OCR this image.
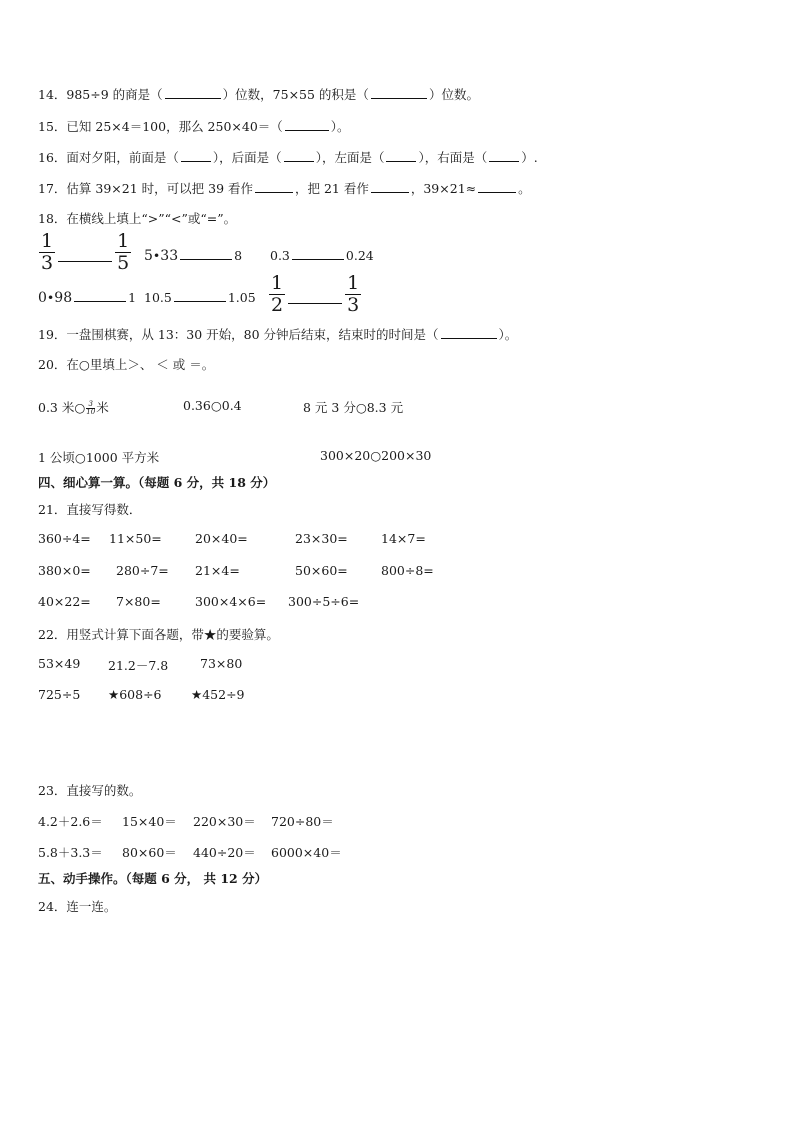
14．985÷9 的商是（	）位数，75×55 的积是（	）位数。
15．已知 25×4＝100，那么 250×40＝（	）。
16．面对夕阳，前面是（	），后面是（	），左面是（	），右面是（	）.
17．估算 39×21 时，可以把 39 看作	，把 21 看作	，39×21≈	。
18．在横线上填上“>”“<”或“=”。
$\frac{1}{3}$	$\frac{1}{5}$ 5•33	8 0.3	0.24
0•98	1 10.5	$1.05 \frac{1}{2}$	$\frac{1}{3}$
19．一盘围棋赛，从 13：30 开始，80 分钟后结束，结束时的时间是（	）。
20．在○里填上＞、 ＜ 或 ＝。
0.3 米○ $\frac{3}{10}$ 米	0.36○0.4	8 元 3 分○8.3 元
1 公顷○1000 平方米	300×20○200×30
四、细心算一算。（每题 6 分，共 18 分）
21．直接写得数．
360÷4= 11×50=	20×40=	23×30=	14×7=
380×0= 280÷7= 21×4=	50×60=	800÷8=
40×22= 7×80=	300×4×6= 300÷5÷6=
22．用竖式计算下面各题，带★的要验算。
53×49 21.2－7.8	73×80
725÷5 ★608÷6 ★452÷9
23．直接写的数。
4.2＋2.6＝ 15×40＝ 220×30＝ 720÷80＝
5.8＋3.3＝ 80×60＝ 440÷20＝ 6000×40＝
五、动手操作。（每题 6 分， 共 12 分）
24．连一连。
